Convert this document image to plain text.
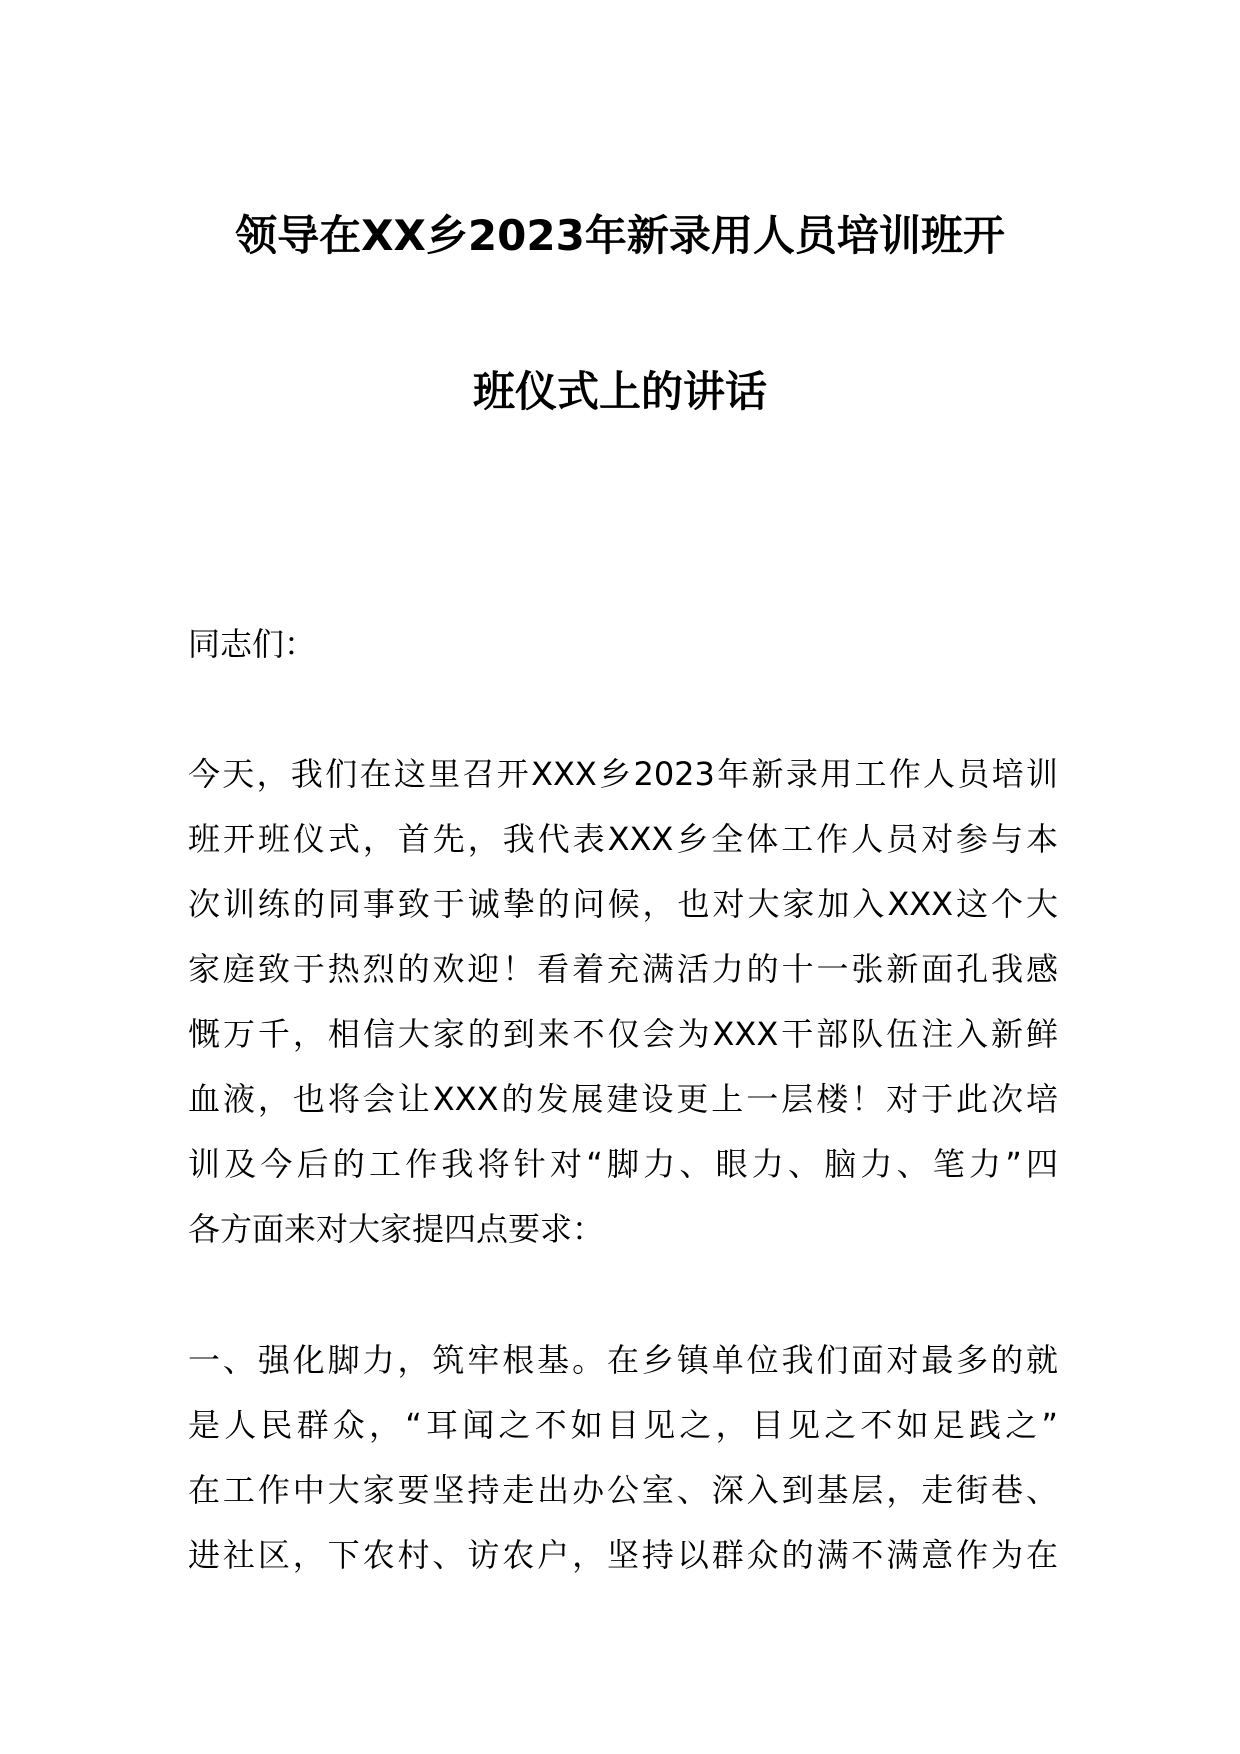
领导在XX乡2023年新录用人员培训班开
班仪式上的讲话

同志们：

今天，我们在这里召开XXX乡2023年新录用工作人员培训
班开班仪式，首先，我代表XXX乡全体工作人员对参与本
次训练的同事致于诚挚的问候，也对大家加入XXX这个大
家庭致于热烈的欢迎！看着充满活力的十一张新面孔我感
慨万千，相信大家的到来不仅会为XXX干部队伍注入新鲜
血液，也将会让XXX的发展建设更上一层楼！对于此次培
训及今后的工作我将针对“脚力、眼力、脑力、笔力”四
各方面来对大家提四点要求：
一、强化脚力，筑牢根基。在乡镇单位我们面对最多的就
是人民群众，“耳闻之不如目见之，目见之不如足践之”
在工作中大家要坚持走出办公室、深入到基层，走街巷、
进社区，下农村、访农户，坚持以群众的满不满意作为在
